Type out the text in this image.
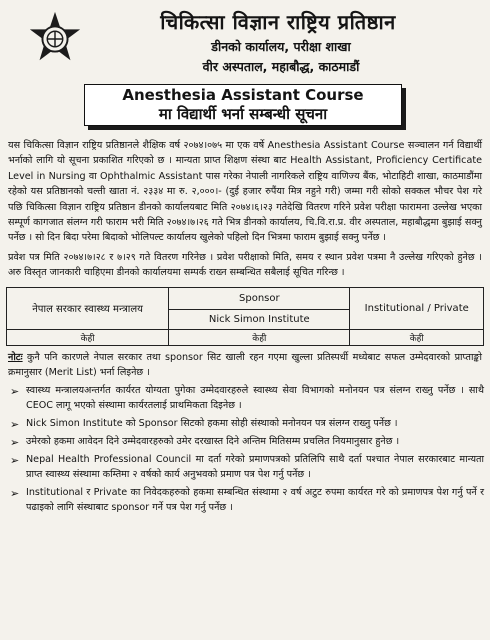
चिकित्सा विज्ञान राष्ट्रिय प्रतिष्ठान
डीनको कार्यालय, परीक्षा शाखा
वीर अस्पताल, महाबौद्ध, काठमाडौं
Anesthesia Assistant Course
मा विद्यार्थी भर्ना सम्बन्धी सूचना

यस चिकित्सा विज्ञान राष्ट्रिय प्रतिष्ठानले शैक्षिक वर्ष २०७४।०७५ मा एक वर्षे Anesthesia Assistant Course सञ्चालन गर्न विद्यार्थी भर्नाको लागि यो सूचना प्रकाशित गरिएको छ । मान्यता प्राप्त शिक्षण संस्था बाट Health Assistant, Proficiency Certificate Level in Nursing वा Ophthalmic Assistant पास गरेका नेपाली नागरिकले राष्ट्रिय वाणिज्य बैंक, भोटाहिटी शाखा, काठमाडौंमा रहेको यस प्रतिष्ठानको चल्ती खाता नं. २३३४ मा रु. २,०००।- (दुई हजार रुपैंया मित्र नहुने गरी) जम्मा गरी सोको सक्कल भौचर पेश गरे पछि चिकित्सा विज्ञान राष्ट्रिय प्रतिष्ठान डीनको कार्यालयबाट मिति २०७४।६।२३ गतेदेखि वितरण गरिने प्रवेश परीक्षा फारामना उल्लेख भएका सम्पूर्ण कागजात संलग्न गरी फाराम भरी मिति २०७४।७।२६ गते भित्र डीनको कार्यालय, चि.वि.रा.प्र. वीर अस्पताल, महाबौद्धमा बुझाई सक्नु पर्नेछ । सो दिन बिदा परेमा बिदाको भोलिपल्ट कार्यालय खुलेको पहिलो दिन भित्रमा फाराम बुझाई सक्नु पर्नेछ ।

प्रवेश पत्र मिति २०७४।७।२८ र ७।२९ गते वितरण गरिनेछ । प्रवेश परीक्षाको मिति, समय र स्थान प्रवेश पत्रमा नै उल्लेख गरिएको हुनेछ । अरु विस्तृत जानकारी चाहिएमा डीनको कार्यालयमा सम्पर्क राख्न सम्बन्धित सबैलाई सूचित गरिन्छ ।

नेपाल सरकार स्वास्थ्य मन्त्रालय	Sponsor	Institutional / Private
	Nick Simon Institute	
केही	केही	केही

नोटः कुनै पनि कारणले नेपाल सरकार तथा sponsor सिट खाली रहन गएमा खुल्ला प्रतिस्पर्धी मध्येबाट सफल उम्मेदवारको प्राप्ताङ्को क्रमानुसार (Merit List) भर्ना लिइनेछ ।

➢ स्वास्थ्य मन्त्रालयअन्तर्गत कार्यरत योग्यता पुगेका उम्मेदवारहरुले स्वास्थ्य सेवा विभागको मनोनयन पत्र संलग्न राख्नु पर्नेछ । साथै CEOC लागू भएको संस्थामा कार्यरतलाई प्राथमिकता दिइनेछ ।
➢ Nick Simon Institute को Sponsor सिटको हकमा सोही संस्थाको मनोनयन पत्र संलग्न राख्नु पर्नेछ ।
➢ उमेरको हकमा आवेदन दिने उम्मेदवारहरुको उमेर दरखास्त दिने अन्तिम मितिसम्म प्रचलित नियमानुसार हुनेछ ।
➢ Nepal Health Professional Council मा दर्ता गरेको प्रमाणपत्रको प्रतिलिपि साथै दर्ता पश्चात नेपाल सरकारबाट मान्यता प्राप्त स्वास्थ्य संस्थामा कम्तिमा २ वर्षको कार्य अनुभवको प्रमाण पत्र पेश गर्नु पर्नेछ ।
➢ Institutional र Private का निवेदकहरुको हकमा सम्बन्धित संस्थामा २ वर्ष अटुट रुपमा कार्यरत गरे को प्रमाणपत्र पेश गर्नु पर्ने र पढाइको लागि संस्थाबाट sponsor गर्ने पत्र पेश गर्नु पर्नेछ ।
